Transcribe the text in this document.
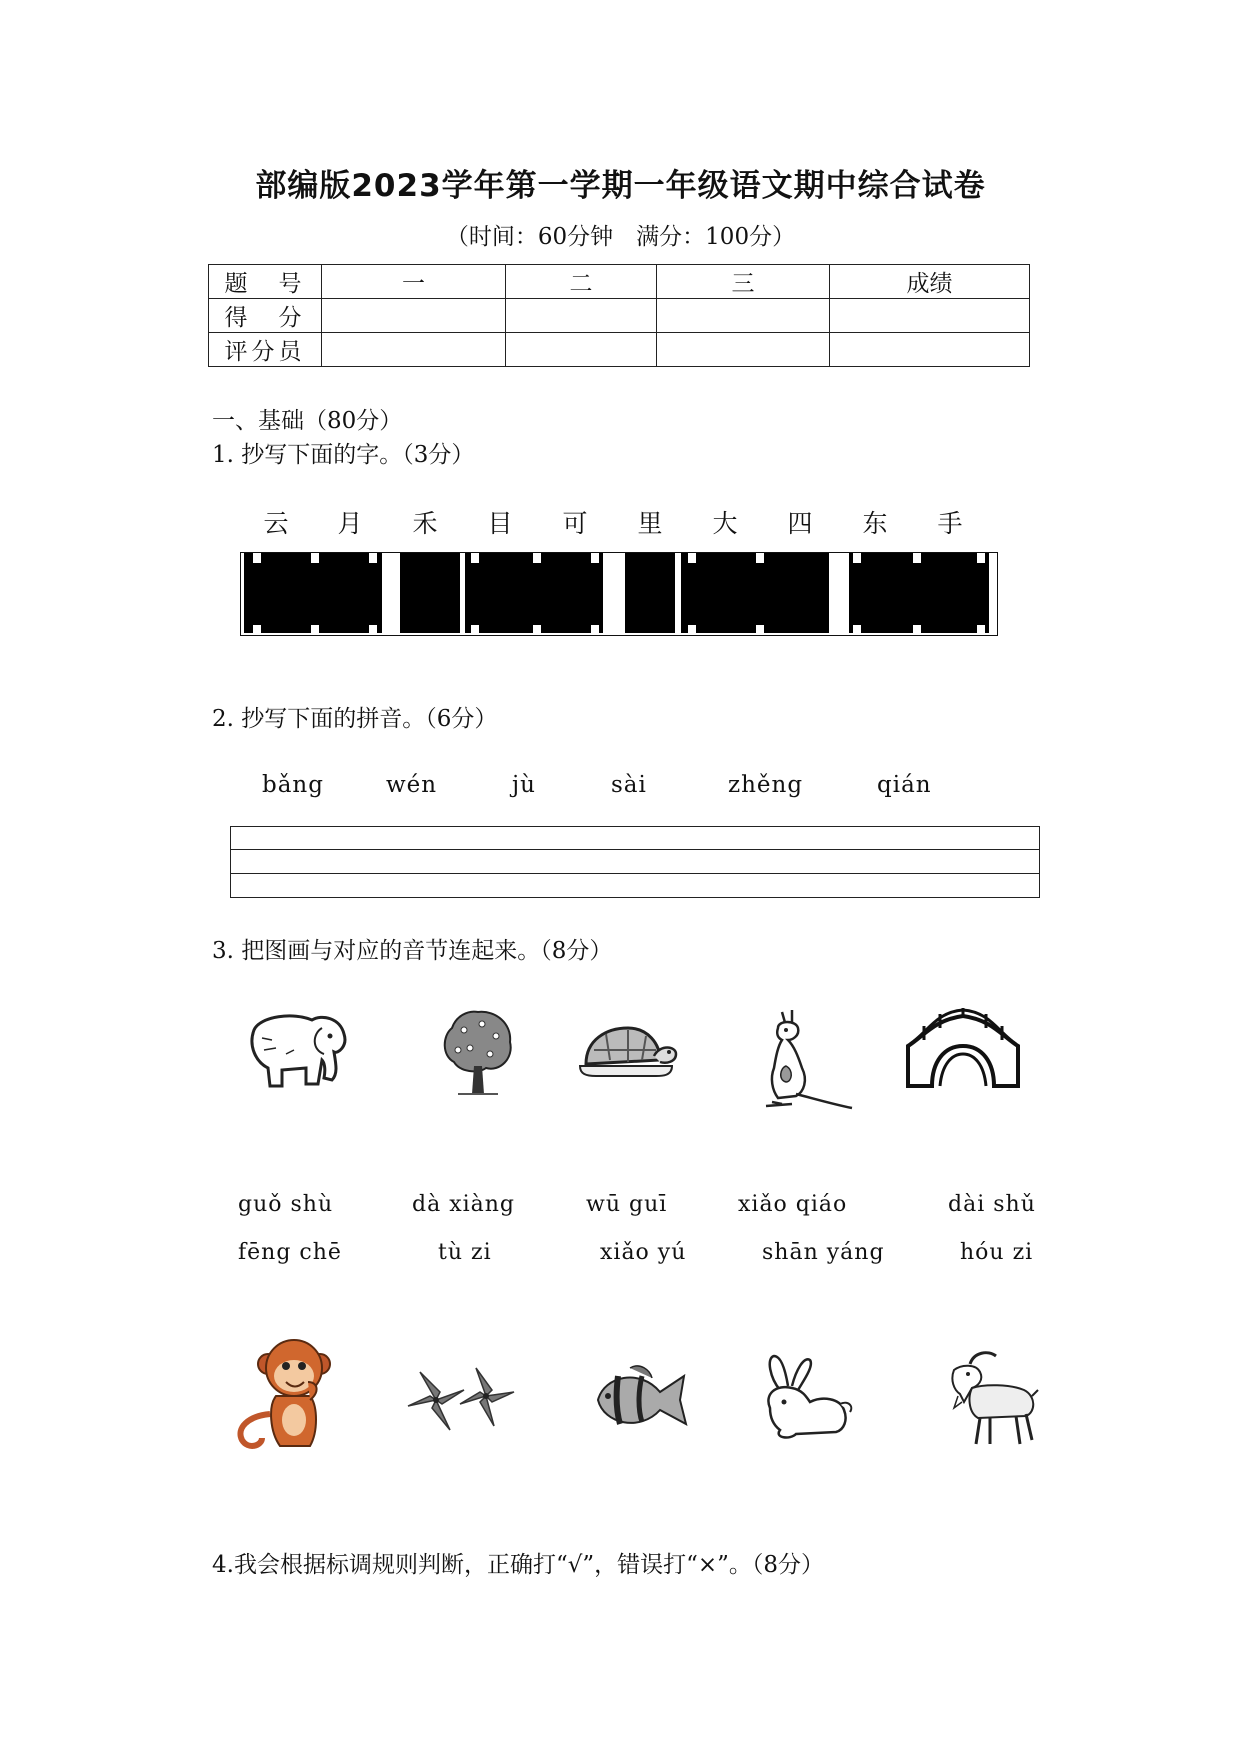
部编版2023学年第一学期一年级语文期中综合试卷
（时间：60分钟　满分：100分）
题　号	一	二	三	成绩
得　分				
评分员				
一、基础（80分）
1. 抄写下面的字。（3分）
云	月	禾	目	可	里	大	四	东	手
2. 抄写下面的拼音。（6分）
bǎng	wén	jù	sài	zhěng	qián
3. 把图画与对应的音节连起来。（8分）
guǒ shù	dà xiàng	wū guī	xiǎo qiáo	dài shǔ
fēng chē	tù zi	xiǎo yú	shān yáng	hóu zi
4.我会根据标调规则判断，正确打“√”，错误打“×”。（8分）
